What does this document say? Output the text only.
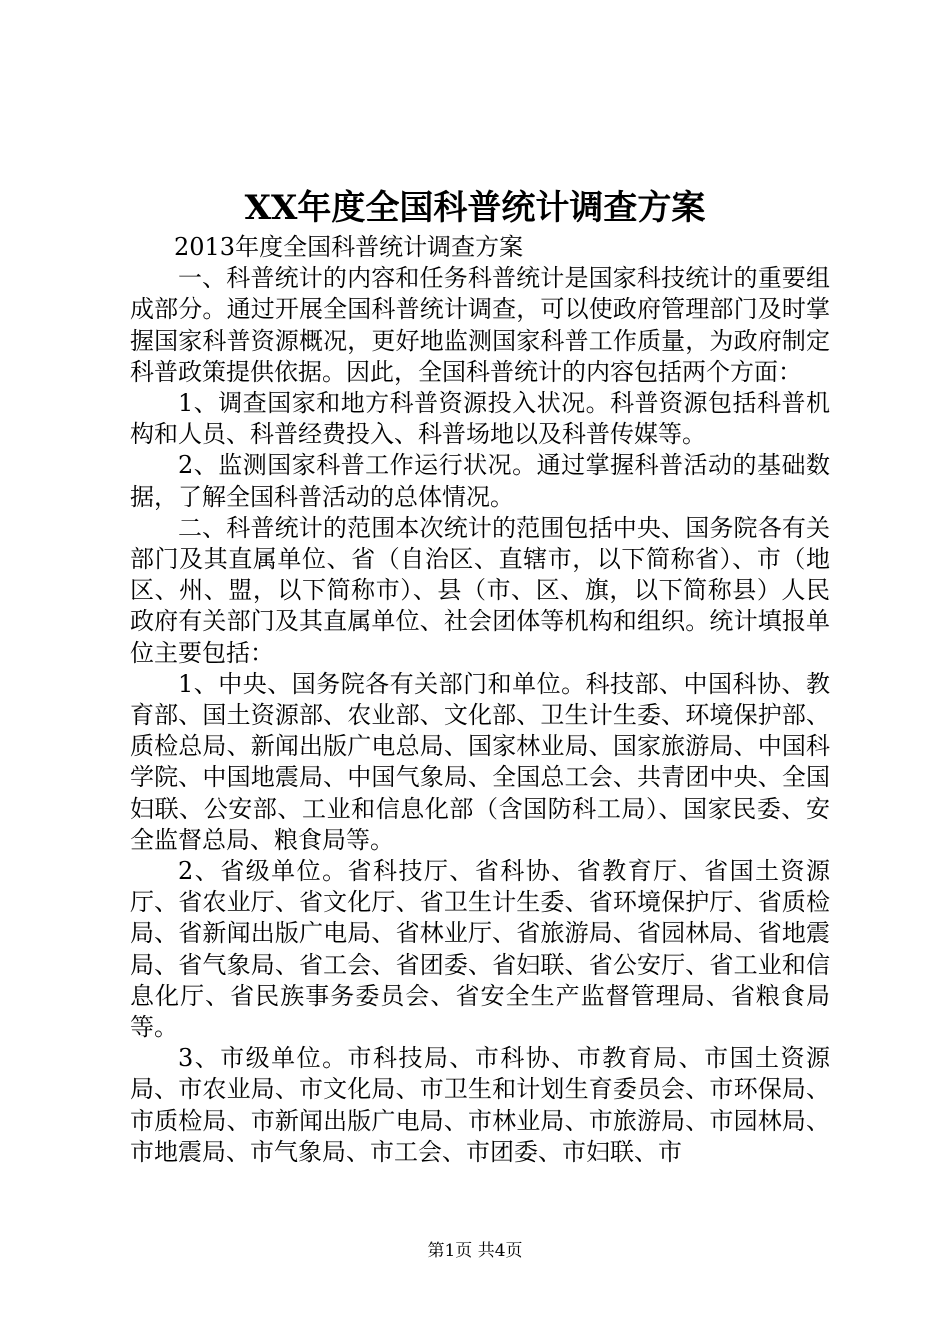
XX年度全国科普统计调查方案

2013年度全国科普统计调查方案

一、科普统计的内容和任务科普统计是国家科技统计的重要组成部分。通过开展全国科普统计调查，可以使政府管理部门及时掌握国家科普资源概况，更好地监测国家科普工作质量，为政府制定科普政策提供依据。因此，全国科普统计的内容包括两个方面：

1、调查国家和地方科普资源投入状况。科普资源包括科普机构和人员、科普经费投入、科普场地以及科普传媒等。

2、监测国家科普工作运行状况。通过掌握科普活动的基础数据，了解全国科普活动的总体情况。

二、科普统计的范围本次统计的范围包括中央、国务院各有关部门及其直属单位、省（自治区、直辖市，以下简称省）、市（地区、州、盟，以下简称市）、县（市、区、旗，以下简称县）人民政府有关部门及其直属单位、社会团体等机构和组织。统计填报单位主要包括：

1、中央、国务院各有关部门和单位。科技部、中国科协、教育部、国土资源部、农业部、文化部、卫生计生委、环境保护部、质检总局、新闻出版广电总局、国家林业局、国家旅游局、中国科学院、中国地震局、中国气象局、全国总工会、共青团中央、全国妇联、公安部、工业和信息化部（含国防科工局）、国家民委、安全监督总局、粮食局等。

2、省级单位。省科技厅、省科协、省教育厅、省国土资源厅、省农业厅、省文化厅、省卫生计生委、省环境保护厅、省质检局、省新闻出版广电局、省林业厅、省旅游局、省园林局、省地震局、省气象局、省工会、省团委、省妇联、省公安厅、省工业和信息化厅、省民族事务委员会、省安全生产监督管理局、省粮食局等。

3、市级单位。市科技局、市科协、市教育局、市国土资源局、市农业局、市文化局、市卫生和计划生育委员会、市环保局、市质检局、市新闻出版广电局、市林业局、市旅游局、市园林局、市地震局、市气象局、市工会、市团委、市妇联、市

第1页 共4页
